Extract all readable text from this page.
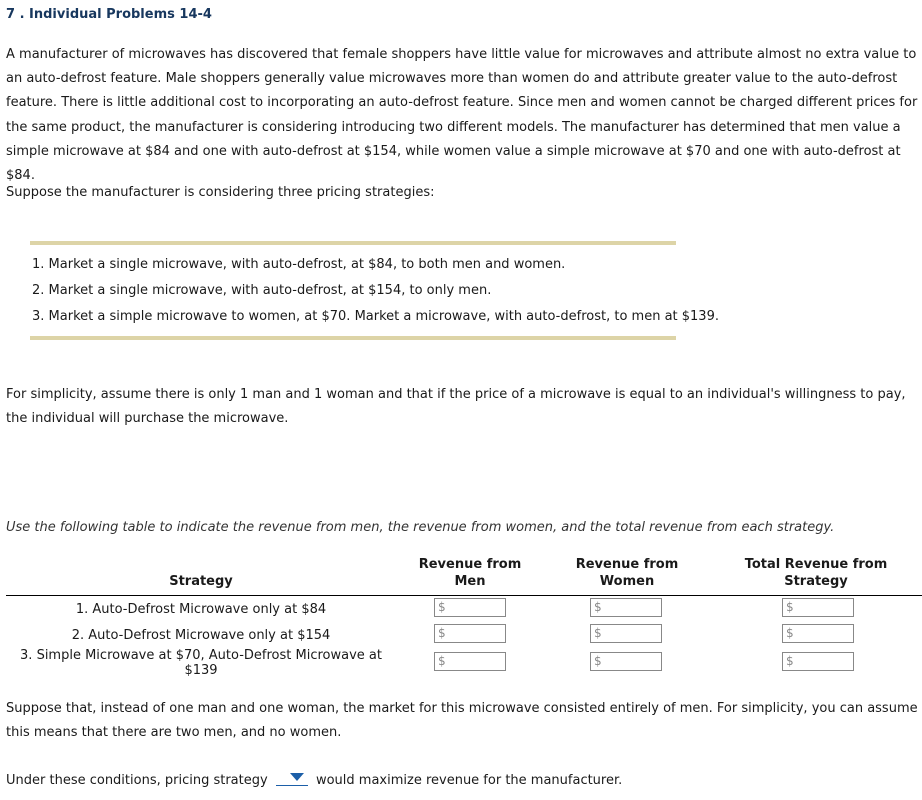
7 . Individual Problems 14-4

A manufacturer of microwaves has discovered that female shoppers have little value for microwaves and attribute almost no extra value to an auto-defrost feature. Male shoppers generally value microwaves more than women do and attribute greater value to the auto-defrost feature. There is little additional cost to incorporating an auto-defrost feature. Since men and women cannot be charged different prices for the same product, the manufacturer is considering introducing two different models. The manufacturer has determined that men value a simple microwave at $84 and one with auto-defrost at $154, while women value a simple microwave at $70 and one with auto-defrost at $84.

Suppose the manufacturer is considering three pricing strategies:

1. Market a single microwave, with auto-defrost, at $84, to both men and women.
2. Market a single microwave, with auto-defrost, at $154, to only men.
3. Market a simple microwave to women, at $70. Market a microwave, with auto-defrost, to men at $139.

For simplicity, assume there is only 1 man and 1 woman and that if the price of a microwave is equal to an individual's willingness to pay, the individual will purchase the microwave.

Use the following table to indicate the revenue from men, the revenue from women, and the total revenue from each strategy.

	Revenue from	Revenue from	Total Revenue from
Strategy	Men	Women	Strategy
1. Auto-Defrost Microwave only at $84	$	$	$

2. Auto-Defrost Microwave only at $154	$	$	$

3. Simple Microwave at $70, Auto-Defrost Microwave at $139	$	$	$

Suppose that, instead of one man and one woman, the market for this microwave consisted entirely of men. For simplicity, you can assume this means that there are two men, and no women.

Under these conditions, pricing strategy	would maximize revenue for the manufacturer.
